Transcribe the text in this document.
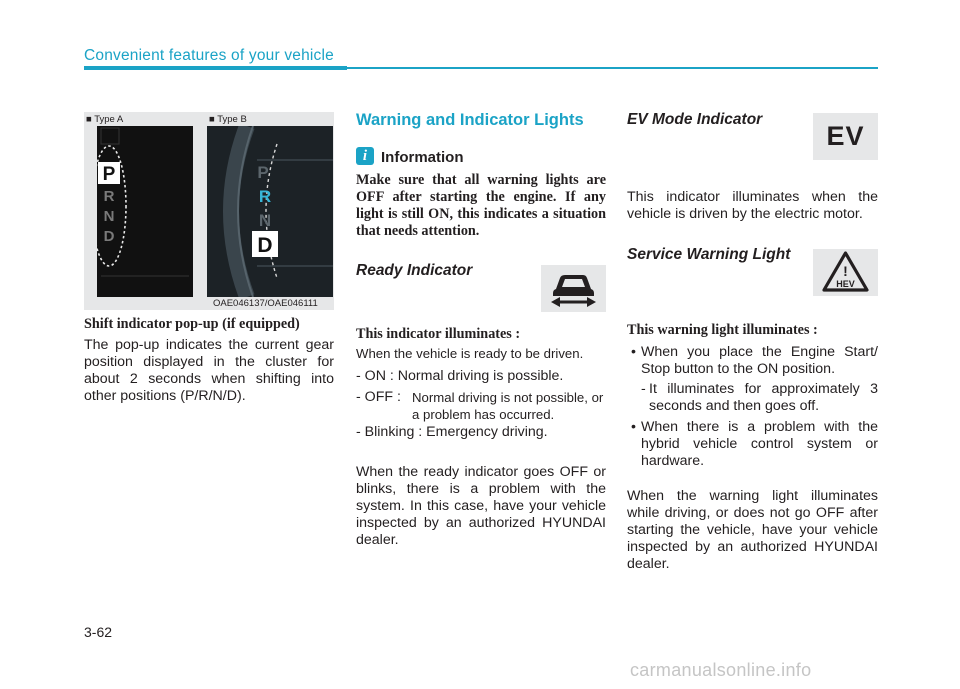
Convenient features of your vehicle
■ Type A	■ Type B
P
R
N
D
P
R
N
D
OAE046137/OAE046111
Shift indicator pop-up (if equipped)
The pop-up indicates the current gear position displayed in the cluster for about 2 seconds when shifting into other positions (P/R/N/D).
Warning and Indicator Lights
i Information
Make sure that all warning lights are OFF after starting the engine. If any light is still ON, this indicates a situation that needs attention.
Ready Indicator
This indicator illuminates :
When the vehicle is ready to be driven.
- ON : Normal driving is possible.
- OFF : Normal driving is not possible, or a problem has occurred.
- Blinking : Emergency driving.
When the ready indicator goes OFF or blinks, there is a problem with the system. In this case, have your vehicle inspected by an authorized HYUNDAI dealer.
EV Mode Indicator
EV
This indicator illuminates when the vehicle is driven by the electric motor.
Service Warning Light
!
HEV
This warning light illuminates :
• When you place the Engine Start/ Stop button to the ON position.
- It illuminates for approximately 3 seconds and then goes off.
• When there is a problem with the hybrid vehicle control system or hardware.
When the warning light illuminates while driving, or does not go OFF after starting the vehicle, have your vehicle inspected by an authorized HYUNDAI dealer.
3-62
carmanualsonline.info
